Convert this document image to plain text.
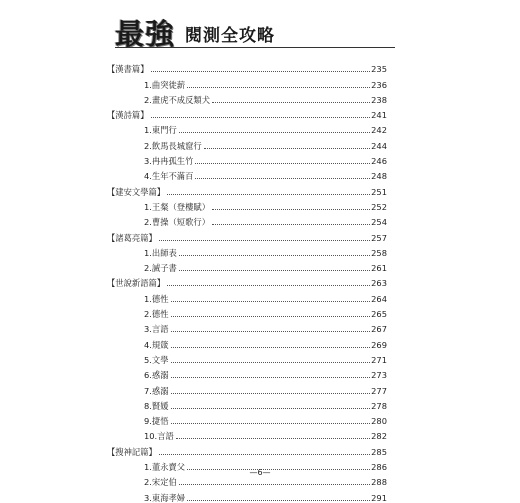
最強 閱測全攻略
【漢書篇】	235
1.曲突徙薪	236
2.畫虎不成反類犬	238
【漢詩篇】	241
1.東門行	242
2.飲馬長城窟行	244
3.冉冉孤生竹	246
4.生年不滿百	248
【建安文學篇】	251
1.王粲（登樓賦）	252
2.曹操（短歌行）	254
【諸葛亮篇】	257
1.出師表	258
2.誡子書	261
【世說新語篇】	263
1.德性	264
2.德性	265
3.言語	267
4.規箴	269
5.文學	271
6.惑溺	273
7.惑溺	277
8.賢媛	278
9.捷悟	280
10.言語	282
【搜神記篇】	285
1.董永賣父	286
2.宋定伯	288
3.東海孝婦	291
—6—
